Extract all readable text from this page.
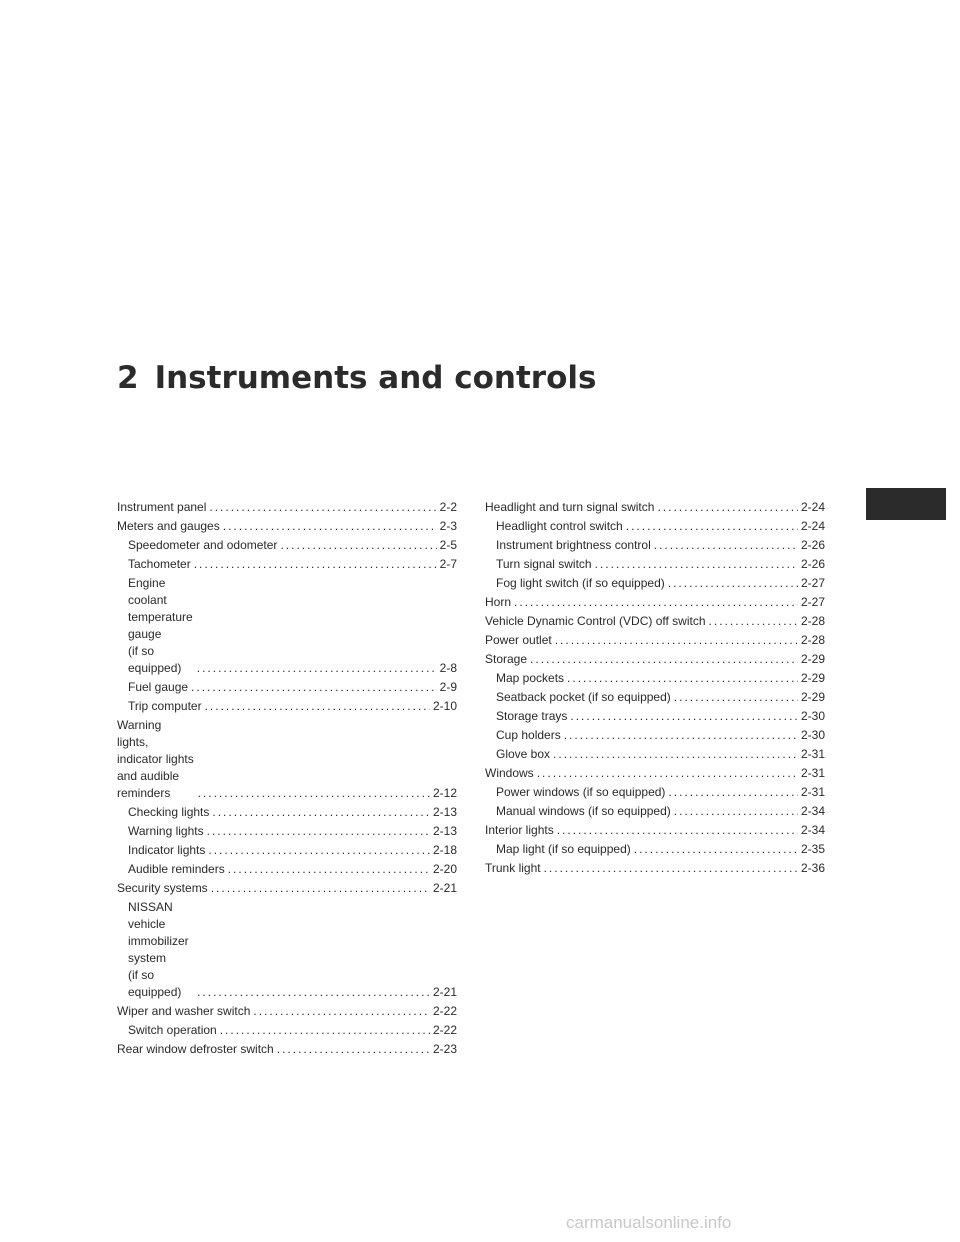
2 Instruments and controls
Instrument panel .....	2-2
Meters and gauges .....	2-3
Speedometer and odometer .....	2-5
Tachometer .....	2-7
Engine coolant temperature gauge
(if so equipped) .....	2-8
Fuel gauge .....	2-9
Trip computer .....	2-10
Warning lights, indicator lights and audible
reminders .....	2-12
Checking lights .....	2-13
Warning lights .....	2-13
Indicator lights .....	2-18
Audible reminders .....	2-20
Security systems .....	2-21
NISSAN vehicle immobilizer system
(if so equipped) .....	2-21
Wiper and washer switch .....	2-22
Switch operation .....	2-22
Rear window defroster switch .....	2-23
Headlight and turn signal switch .....	2-24
Headlight control switch .....	2-24
Instrument brightness control .....	2-26
Turn signal switch .....	2-26
Fog light switch (if so equipped) .....	2-27
Horn .....	2-27
Vehicle Dynamic Control (VDC) off switch .....	2-28
Power outlet .....	2-28
Storage .....	2-29
Map pockets .....	2-29
Seatback pocket (if so equipped) .....	2-29
Storage trays .....	2-30
Cup holders .....	2-30
Glove box .....	2-31
Windows .....	2-31
Power windows (if so equipped) .....	2-31
Manual windows (if so equipped) .....	2-34
Interior lights .....	2-34
Map light (if so equipped) .....	2-35
Trunk light .....	2-36
carmanualsonline.info
